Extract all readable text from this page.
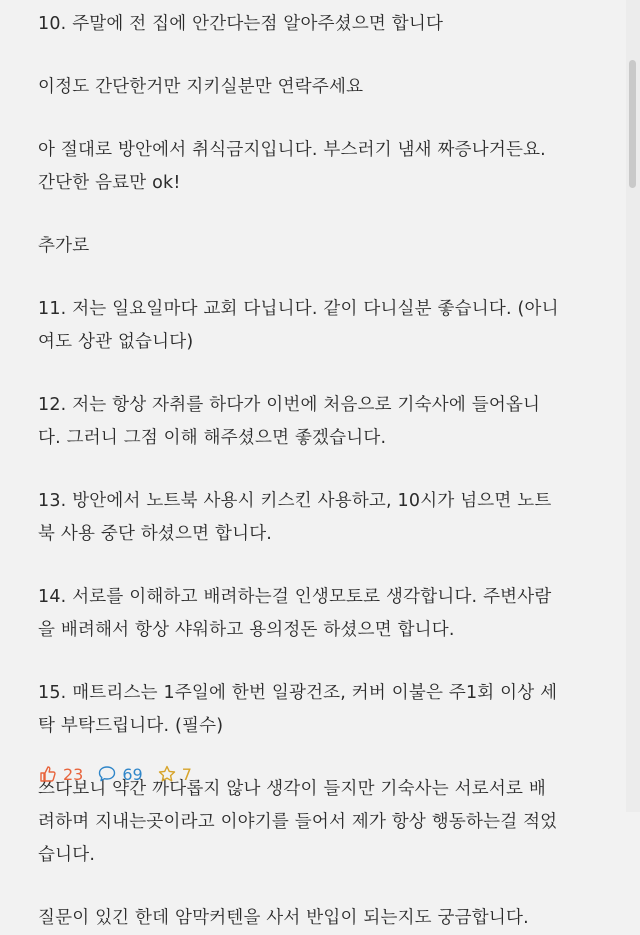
10. 주말에 전 집에 안간다는점 알아주셨으면 합니다
이정도 간단한거만 지키실분만 연락주세요
아 절대로 방안에서 취식금지입니다. 부스러기 냄새 짜증나거든요.
간단한 음료만 ok!
추가로
11. 저는 일요일마다 교회 다닙니다. 같이 다니실분 좋습니다. (아니
여도 상관 없습니다)
12. 저는 항상 자취를 하다가 이번에 처음으로 기숙사에 들어옵니
다. 그러니 그점 이해 해주셨으면 좋겠습니다.
13. 방안에서 노트북 사용시 키스킨 사용하고, 10시가 넘으면 노트
북 사용 중단 하셨으면 합니다.
14. 서로를 이해하고 배려하는걸 인생모토로 생각합니다. 주변사람
을 배려해서 항상 샤워하고 용의정돈 하셨으면 합니다.
15. 매트리스는 1주일에 한번 일광건조, 커버 이불은 주1회 이상 세
탁 부탁드립니다. (필수)
쓰다보니 약간 까다롭지 않나 생각이 들지만 기숙사는 서로서로 배
려하며 지내는곳이라고 이야기를 들어서 제가 항상 행동하는걸 적었
습니다.
질문이 있긴 한데 암막커텐을 사서 반입이 되는지도 궁금합니다.
23 69 7
